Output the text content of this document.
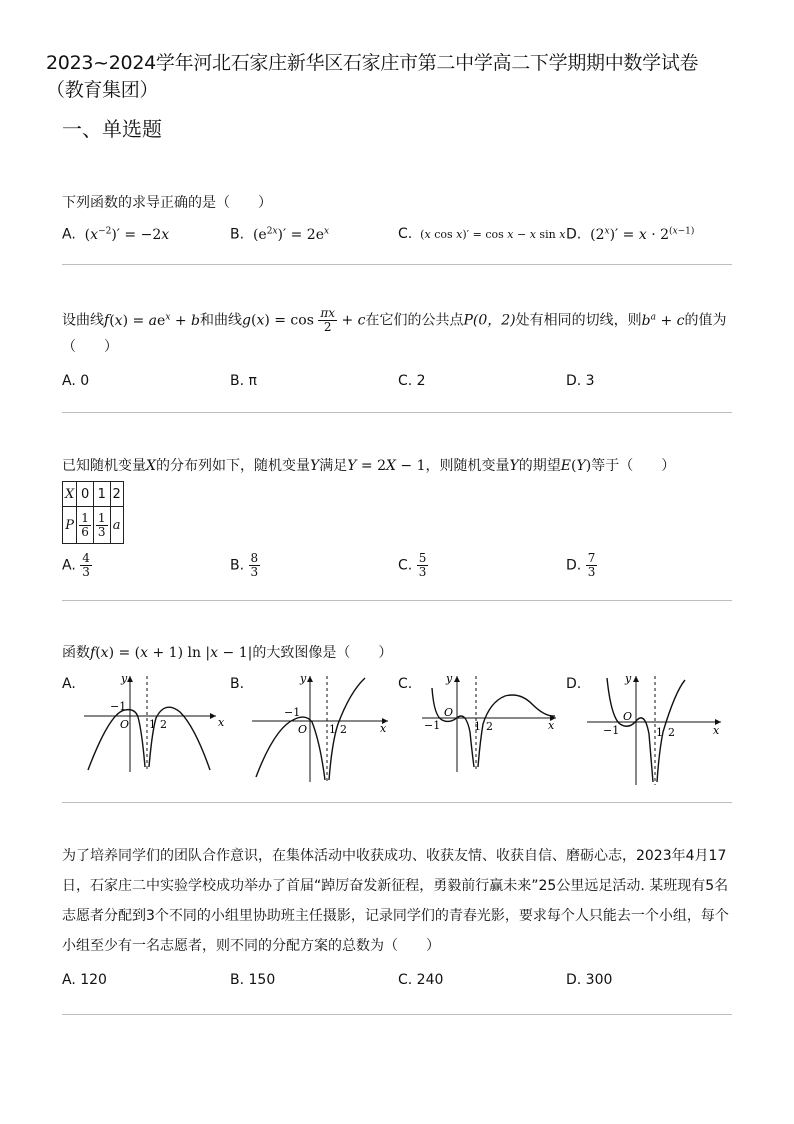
2023~2024学年河北石家庄新华区石家庄市第二中学高二下学期期中数学试卷
（教育集团）
一、单选题
下列函数的求导正确的是（　　）
A.  $(x^{-2})' = -2x$	B.  $(e^{2x})' = 2e^x$	C.  (x cos x)′ = cos x − x sin x D.  $(2^x)' = x \cdot 2^{(x-1)}$
设曲线$f(x) = ae^x + b$和曲线$g(x) = \cos \frac{\pi x}{2} + c$在它们的公共点P(0，2)处有相同的切线，则$b^a + c$的值为
（　　）
A. 0	B. π	C. 2	D. 3
已知随机变量X的分布列如下，随机变量Y满足Y = 2X − 1，则随机变量Y的期望E(Y)等于（　　）
X	0	1	2
P	$\frac{1}{6}$	$\frac{1}{3}$	a
A. $\frac{4}{3}$	B. $\frac{8}{3}$	C. $\frac{5}{3}$	D. $\frac{7}{3}$
函数f(x) = (x + 1) ln |x − 1|的大致图像是（　　）
A.	B.	C.	D.
x
y
O
−1
1 2	x
y
O
−1
1 2	x
y
O
−1	1 2	x
y
O
−1	1 2
为了培养同学们的团队合作意识，在集体活动中收获成功、收获友情、收获自信、磨砺心志，2023年4月17日，石家庄二中实验学校成功举办了首届“踔厉奋发新征程，勇毅前行赢未来”25公里远足活动. 某班现有5名志愿者分配到3个不同的小组里协助班主任摄影，记录同学们的青春光影，要求每个人只能去一个小组，每个小组至少有一名志愿者，则不同的分配方案的总数为（　　）
A. 120	B. 150	C. 240	D. 300
